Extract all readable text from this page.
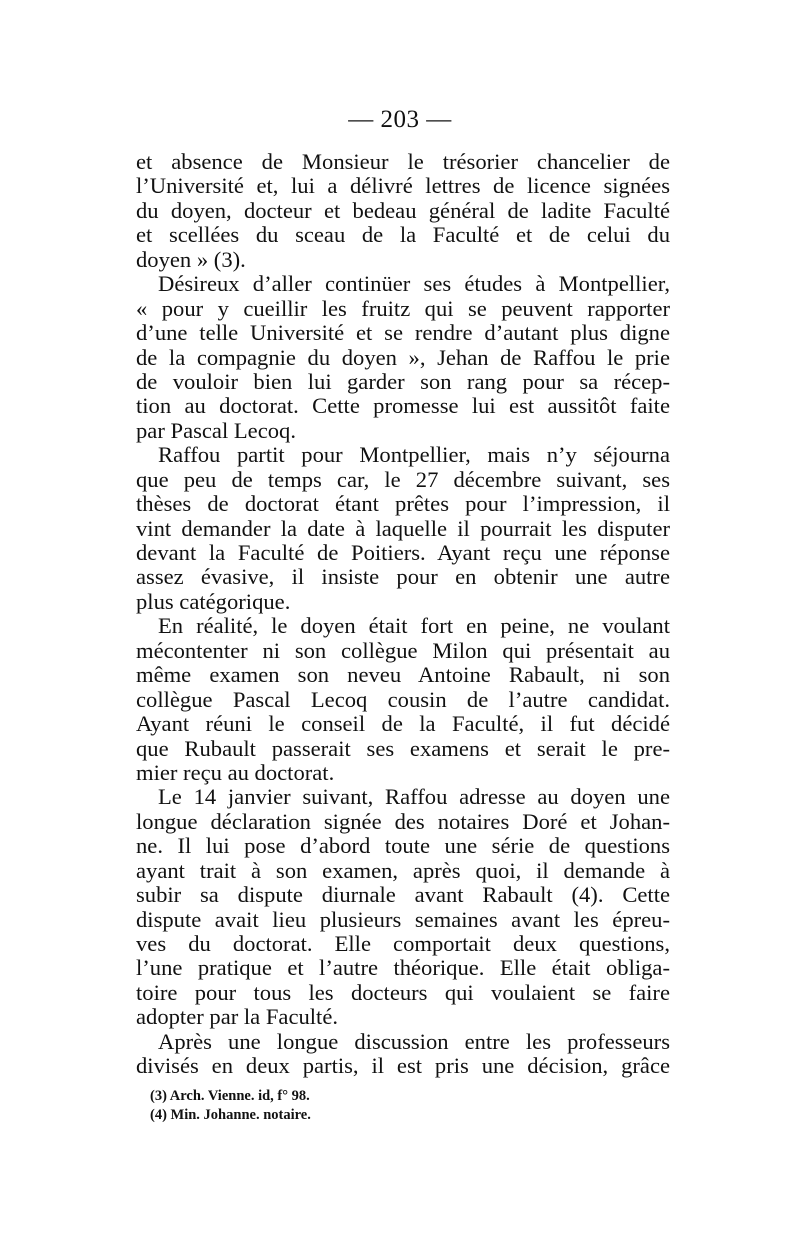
— 203 —

et absence de Monsieur le trésorier chancelier de
l’Université et, lui a délivré lettres de licence signées
du doyen, docteur et bedeau général de ladite Faculté
et scellées du sceau de la Faculté et de celui du
doyen » (3).

Désireux d’aller continüer ses études à Montpellier,
« pour y cueillir les fruitz qui se peuvent rapporter
d’une telle Université et se rendre d’autant plus digne
de la compagnie du doyen », Jehan de Raffou le prie
de vouloir bien lui garder son rang pour sa récep-
tion au doctorat. Cette promesse lui est aussitôt faite
par Pascal Lecoq.

Raffou partit pour Montpellier, mais n’y séjourna
que peu de temps car, le 27 décembre suivant, ses
thèses de doctorat étant prêtes pour l’impression, il
vint demander la date à laquelle il pourrait les disputer
devant la Faculté de Poitiers. Ayant reçu une réponse
assez évasive, il insiste pour en obtenir une autre
plus catégorique.

En réalité, le doyen était fort en peine, ne voulant
mécontenter ni son collègue Milon qui présentait au
même examen son neveu Antoine Rabault, ni son
collègue Pascal Lecoq cousin de l’autre candidat.
Ayant réuni le conseil de la Faculté, il fut décidé
que Rubault passerait ses examens et serait le pre-
mier reçu au doctorat.

Le 14 janvier suivant, Raffou adresse au doyen une
longue déclaration signée des notaires Doré et Johan-
ne. Il lui pose d’abord toute une série de questions
ayant trait à son examen, après quoi, il demande à
subir sa dispute diurnale avant Rabault (4). Cette
dispute avait lieu plusieurs semaines avant les épreu-
ves du doctorat. Elle comportait deux questions,
l’une pratique et l’autre théorique. Elle était obliga-
toire pour tous les docteurs qui voulaient se faire
adopter par la Faculté.

Après une longue discussion entre les professeurs
divisés en deux partis, il est pris une décision, grâce

(3) Arch. Vienne. id, f° 98.
(4) Min. Johanne. notaire.
